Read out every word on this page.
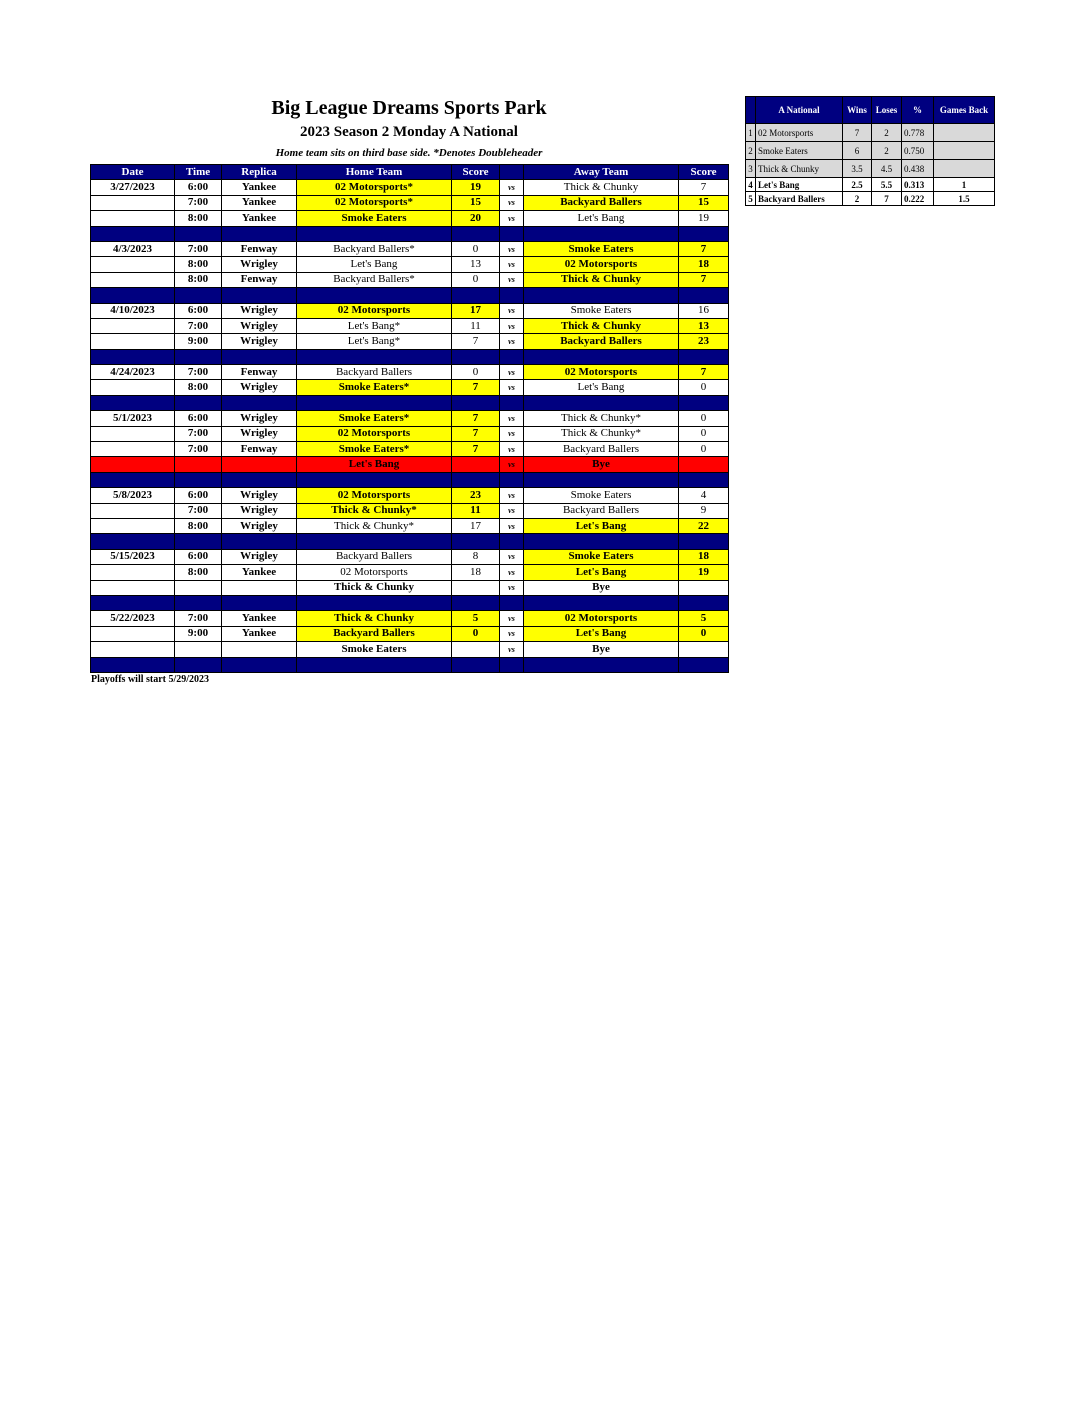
Big League Dreams Sports Park
2023 Season 2 Monday A National
Home team sits on third base side. *Denotes Doubleheader
Date	Time	Replica	Home Team	Score		Away Team	Score
3/27/2023	6:00	Yankee	02 Motorsports*	19	vs	Thick & Chunky	7
	7:00	Yankee	02 Motorsports*	15	vs	Backyard Ballers	15
	8:00	Yankee	Smoke Eaters	20	vs	Let's Bang	19

4/3/2023	7:00	Fenway	Backyard Ballers*	0	vs	Smoke Eaters	7
	8:00	Wrigley	Let's Bang	13	vs	02 Motorsports	18
	8:00	Fenway	Backyard Ballers*	0	vs	Thick & Chunky	7

4/10/2023	6:00	Wrigley	02 Motorsports	17	vs	Smoke Eaters	16
	7:00	Wrigley	Let's Bang*	11	vs	Thick & Chunky	13
	9:00	Wrigley	Let's Bang*	7	vs	Backyard Ballers	23

4/24/2023	7:00	Fenway	Backyard Ballers	0	vs	02 Motorsports	7
	8:00	Wrigley	Smoke Eaters*	7	vs	Let's Bang	0

5/1/2023	6:00	Wrigley	Smoke Eaters*	7	vs	Thick & Chunky*	0
	7:00	Wrigley	02 Motorsports	7	vs	Thick & Chunky*	0
	7:00	Fenway	Smoke Eaters*	7	vs	Backyard Ballers	0
			Let's Bang		vs	Bye	

5/8/2023	6:00	Wrigley	02 Motorsports	23	vs	Smoke Eaters	4
	7:00	Wrigley	Thick & Chunky*	11	vs	Backyard Ballers	9
	8:00	Wrigley	Thick & Chunky*	17	vs	Let's Bang	22

5/15/2023	6:00	Wrigley	Backyard Ballers	8	vs	Smoke Eaters	18
	8:00	Yankee	02 Motorsports	18	vs	Let's Bang	19
			Thick & Chunky		vs	Bye	

5/22/2023	7:00	Yankee	Thick & Chunky	5	vs	02 Motorsports	5
	9:00	Yankee	Backyard Ballers	0	vs	Let's Bang	0
			Smoke Eaters		vs	Bye	

	A National	Wins	Loses	%	Games Back
1	02 Motorsports	7	2	0.778	
2	Smoke Eaters	6	2	0.750	
3	Thick & Chunky	3.5	4.5	0.438	
4	Let's Bang	2.5	5.5	0.313	1
5	Backyard Ballers	2	7	0.222	1.5
Playoffs will start 5/29/2023
